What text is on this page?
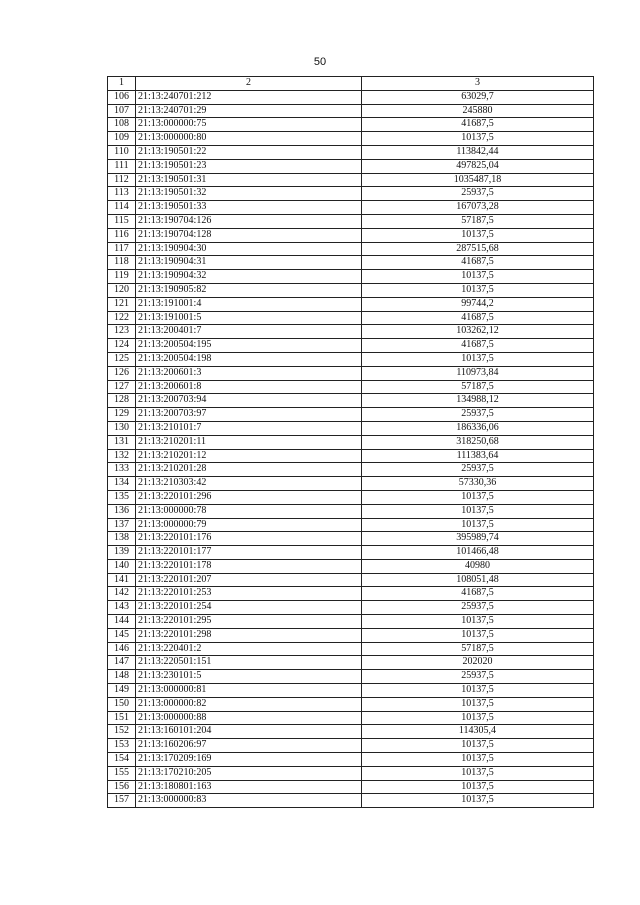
50
1	2	3
106	21:13:240701:212	63029,7
107	21:13:240701:29	245880
108	21:13:000000:75	41687,5
109	21:13:000000:80	10137,5
110	21:13:190501:22	113842,44
111	21:13:190501:23	497825,04
112	21:13:190501:31	1035487,18
113	21:13:190501:32	25937,5
114	21:13:190501:33	167073,28
115	21:13:190704:126	57187,5
116	21:13:190704:128	10137,5
117	21:13:190904:30	287515,68
118	21:13:190904:31	41687,5
119	21:13:190904:32	10137,5
120	21:13:190905:82	10137,5
121	21:13:191001:4	99744,2
122	21:13:191001:5	41687,5
123	21:13:200401:7	103262,12
124	21:13:200504:195	41687,5
125	21:13:200504:198	10137,5
126	21:13:200601:3	110973,84
127	21:13:200601:8	57187,5
128	21:13:200703:94	134988,12
129	21:13:200703:97	25937,5
130	21:13:210101:7	186336,06
131	21:13:210201:11	318250,68
132	21:13:210201:12	111383,64
133	21:13:210201:28	25937,5
134	21:13:210303:42	57330,36
135	21:13:220101:296	10137,5
136	21:13:000000:78	10137,5
137	21:13:000000:79	10137,5
138	21:13:220101:176	395989,74
139	21:13:220101:177	101466,48
140	21:13:220101:178	40980
141	21:13:220101:207	108051,48
142	21:13:220101:253	41687,5
143	21:13:220101:254	25937,5
144	21:13:220101:295	10137,5
145	21:13:220101:298	10137,5
146	21:13:220401:2	57187,5
147	21:13:220501:151	202020
148	21:13:230101:5	25937,5
149	21:13:000000:81	10137,5
150	21:13:000000:82	10137,5
151	21:13:000000:88	10137,5
152	21:13:160101:204	114305,4
153	21:13:160206:97	10137,5
154	21:13:170209:169	10137,5
155	21:13:170210:205	10137,5
156	21:13:180801:163	10137,5
157	21:13:000000:83	10137,5
